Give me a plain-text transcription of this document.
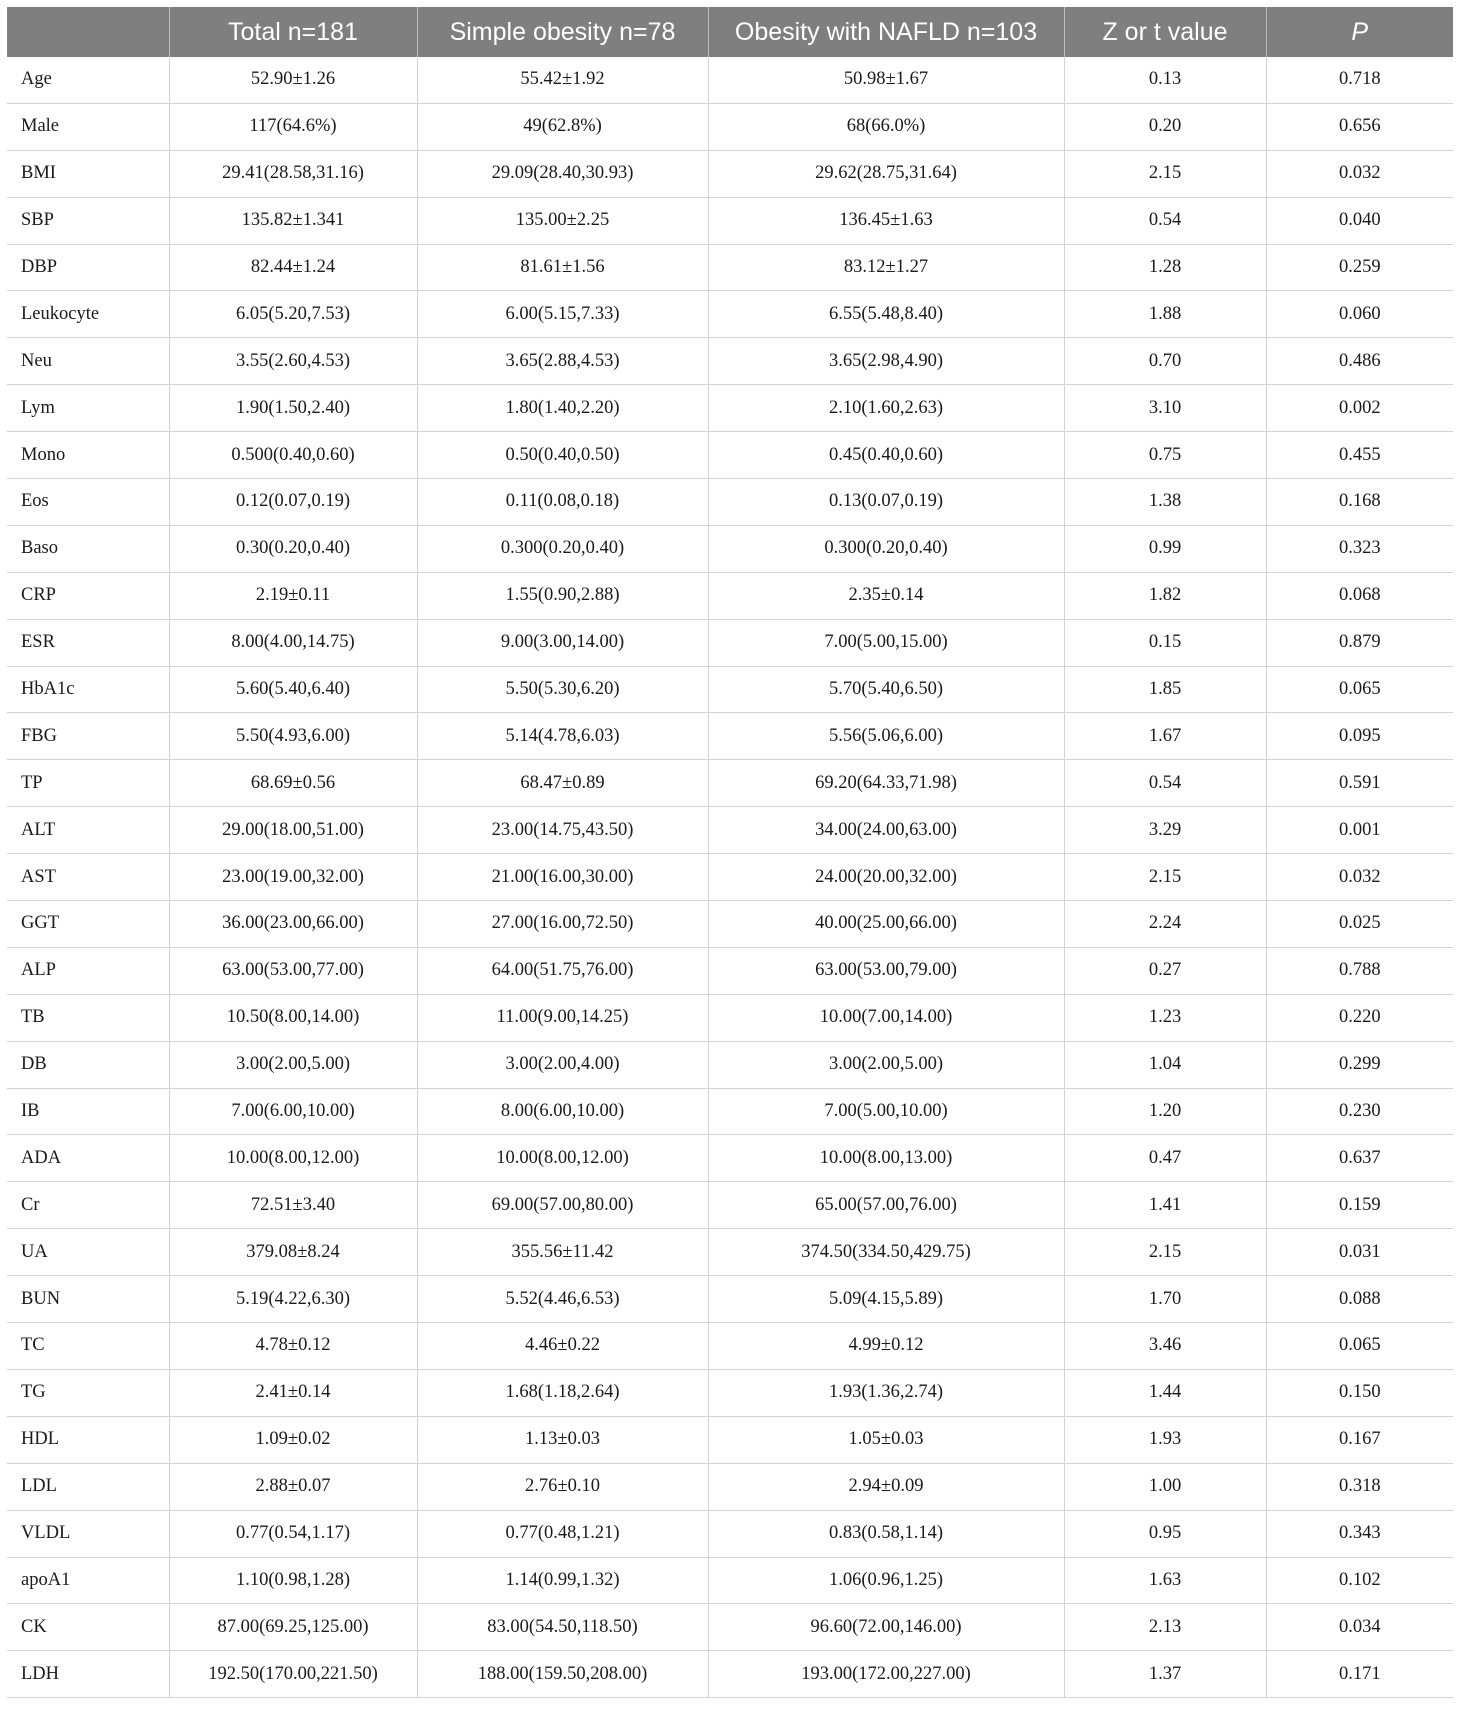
	Total n=181	Simple obesity n=78	Obesity with NAFLD n=103	Z or t value	P
Age	52.90±1.26	55.42±1.92	50.98±1.67	0.13	0.718
Male	117(64.6%)	49(62.8%)	68(66.0%)	0.20	0.656
BMI	29.41(28.58,31.16)	29.09(28.40,30.93)	29.62(28.75,31.64)	2.15	0.032
SBP	135.82±1.341	135.00±2.25	136.45±1.63	0.54	0.040
DBP	82.44±1.24	81.61±1.56	83.12±1.27	1.28	0.259
Leukocyte	6.05(5.20,7.53)	6.00(5.15,7.33)	6.55(5.48,8.40)	1.88	0.060
Neu	3.55(2.60,4.53)	3.65(2.88,4.53)	3.65(2.98,4.90)	0.70	0.486
Lym	1.90(1.50,2.40)	1.80(1.40,2.20)	2.10(1.60,2.63)	3.10	0.002
Mono	0.500(0.40,0.60)	0.50(0.40,0.50)	0.45(0.40,0.60)	0.75	0.455
Eos	0.12(0.07,0.19)	0.11(0.08,0.18)	0.13(0.07,0.19)	1.38	0.168
Baso	0.30(0.20,0.40)	0.300(0.20,0.40)	0.300(0.20,0.40)	0.99	0.323
CRP	2.19±0.11	1.55(0.90,2.88)	2.35±0.14	1.82	0.068
ESR	8.00(4.00,14.75)	9.00(3.00,14.00)	7.00(5.00,15.00)	0.15	0.879
HbA1c	5.60(5.40,6.40)	5.50(5.30,6.20)	5.70(5.40,6.50)	1.85	0.065
FBG	5.50(4.93,6.00)	5.14(4.78,6.03)	5.56(5.06,6.00)	1.67	0.095
TP	68.69±0.56	68.47±0.89	69.20(64.33,71.98)	0.54	0.591
ALT	29.00(18.00,51.00)	23.00(14.75,43.50)	34.00(24.00,63.00)	3.29	0.001
AST	23.00(19.00,32.00)	21.00(16.00,30.00)	24.00(20.00,32.00)	2.15	0.032
GGT	36.00(23.00,66.00)	27.00(16.00,72.50)	40.00(25.00,66.00)	2.24	0.025
ALP	63.00(53.00,77.00)	64.00(51.75,76.00)	63.00(53.00,79.00)	0.27	0.788
TB	10.50(8.00,14.00)	11.00(9.00,14.25)	10.00(7.00,14.00)	1.23	0.220
DB	3.00(2.00,5.00)	3.00(2.00,4.00)	3.00(2.00,5.00)	1.04	0.299
IB	7.00(6.00,10.00)	8.00(6.00,10.00)	7.00(5.00,10.00)	1.20	0.230
ADA	10.00(8.00,12.00)	10.00(8.00,12.00)	10.00(8.00,13.00)	0.47	0.637
Cr	72.51±3.40	69.00(57.00,80.00)	65.00(57.00,76.00)	1.41	0.159
UA	379.08±8.24	355.56±11.42	374.50(334.50,429.75)	2.15	0.031
BUN	5.19(4.22,6.30)	5.52(4.46,6.53)	5.09(4.15,5.89)	1.70	0.088
TC	4.78±0.12	4.46±0.22	4.99±0.12	3.46	0.065
TG	2.41±0.14	1.68(1.18,2.64)	1.93(1.36,2.74)	1.44	0.150
HDL	1.09±0.02	1.13±0.03	1.05±0.03	1.93	0.167
LDL	2.88±0.07	2.76±0.10	2.94±0.09	1.00	0.318
VLDL	0.77(0.54,1.17)	0.77(0.48,1.21)	0.83(0.58,1.14)	0.95	0.343
apoA1	1.10(0.98,1.28)	1.14(0.99,1.32)	1.06(0.96,1.25)	1.63	0.102
CK	87.00(69.25,125.00)	83.00(54.50,118.50)	96.60(72.00,146.00)	2.13	0.034
LDH	192.50(170.00,221.50)	188.00(159.50,208.00)	193.00(172.00,227.00)	1.37	0.171
